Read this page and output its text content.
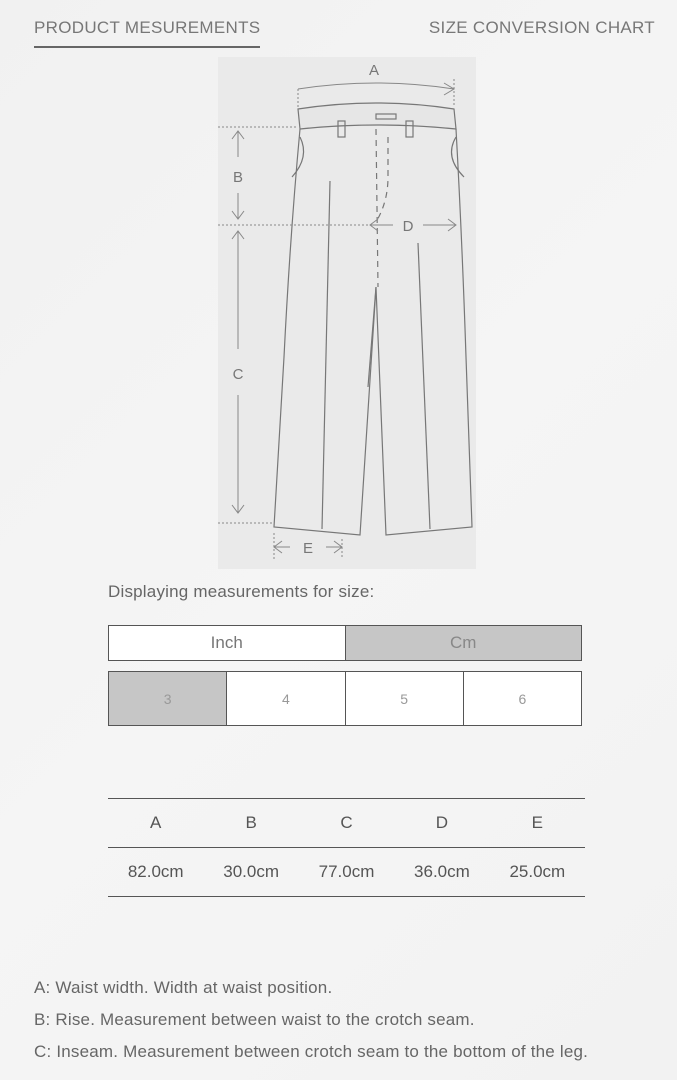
PRODUCT MESUREMENTS	SIZE CONVERSION CHART
A
B
C
D
E
Displaying measurements for size:
Inch	Cm
3	4	5	6
A	B	C	D	E
82.0cm	30.0cm	77.0cm	36.0cm	25.0cm

A: Waist width. Width at waist position.

B: Rise. Measurement between waist to the crotch seam.

C: Inseam. Measurement between crotch seam to the bottom of the leg.
